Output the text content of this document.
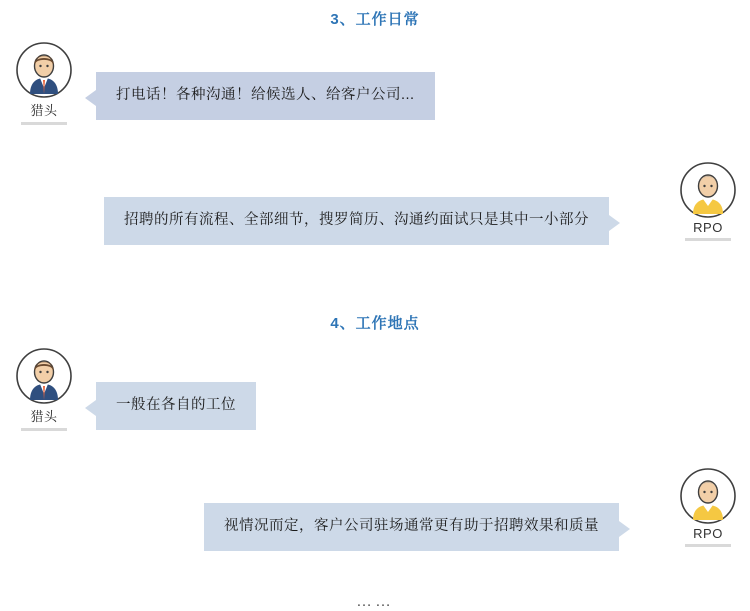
3、工作日常
猎头
打电话！各种沟通！给候选人、给客户公司...
RPO
招聘的所有流程、全部细节，搜罗简历、沟通约面试只是其中一小部分
4、工作地点
猎头
一般在各自的工位
RPO
视情况而定，客户公司驻场通常更有助于招聘效果和质量
……
